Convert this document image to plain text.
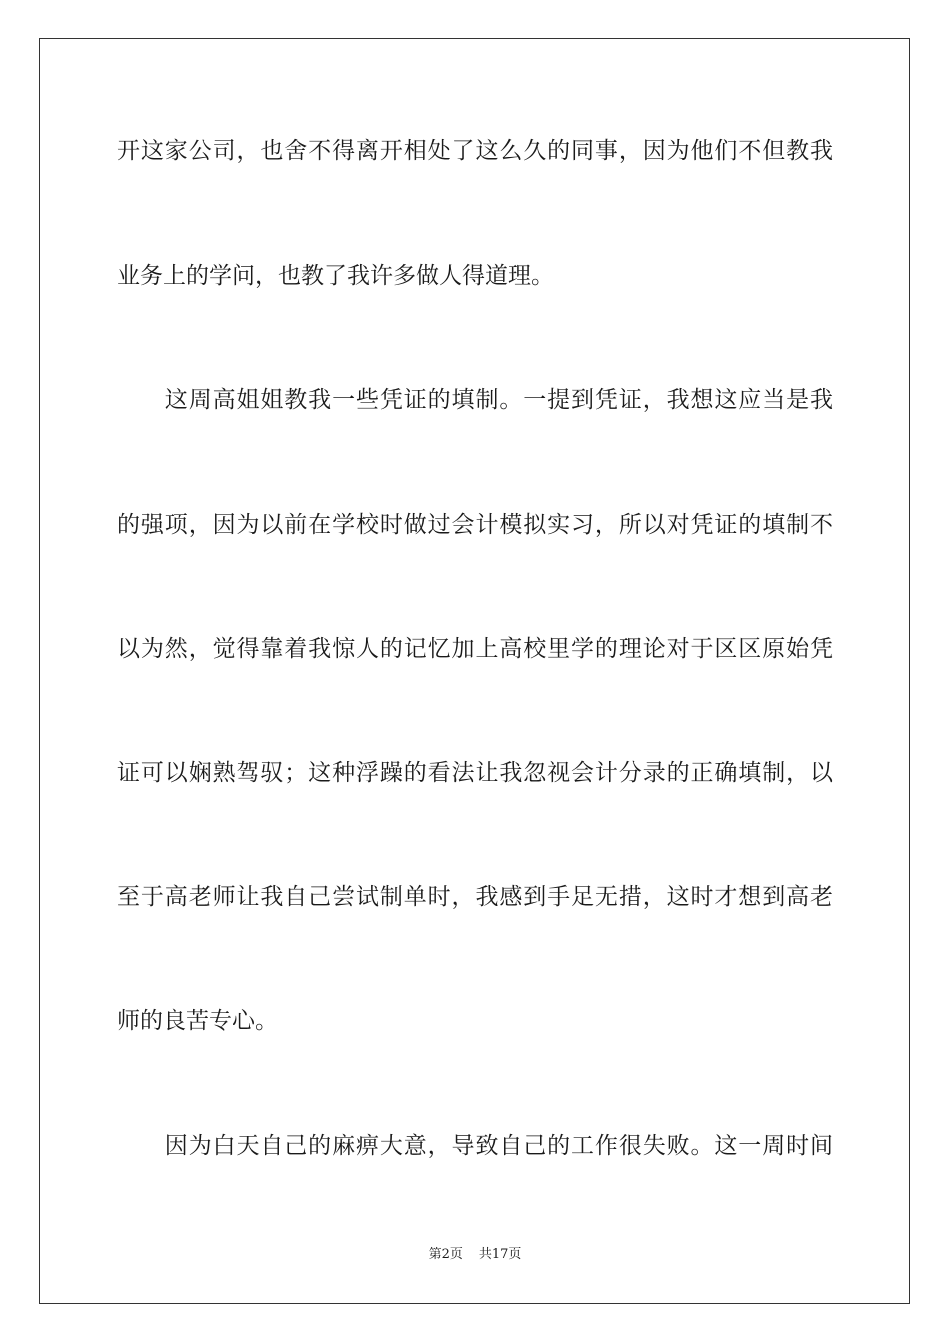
开这家公司，也舍不得离开相处了这么久的同事，因为他们不但教我
业务上的学问，也教了我许多做人得道理。
　　这周高姐姐教我一些凭证的填制。一提到凭证，我想这应当是我
的强项，因为以前在学校时做过会计模拟实习，所以对凭证的填制不
以为然，觉得靠着我惊人的记忆加上高校里学的理论对于区区原始凭
证可以娴熟驾驭；这种浮躁的看法让我忽视会计分录的正确填制，以
至于高老师让我自己尝试制单时，我感到手足无措，这时才想到高老
师的良苦专心。
　　因为白天自己的麻痹大意，导致自己的工作很失败。这一周时间
第2页 共17页
